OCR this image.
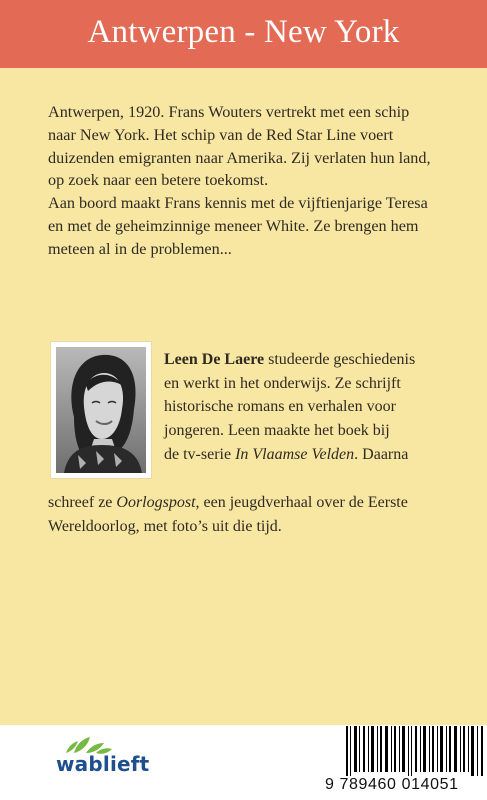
Antwerpen - New York

Antwerpen, 1920. Frans Wouters vertrekt met een schip

naar New York. Het schip van de Red Star Line voert

duizenden emigranten naar Amerika. Zij verlaten hun land,

op zoek naar een betere toekomst.

Aan boord maakt Frans kennis met de vijftienjarige Teresa

en met de geheimzinnige meneer White. Ze brengen hem

meteen al in de problemen...

Leen De Laere studeerde geschiedenis
en werkt in het onderwijs. Ze schrijft
historische romans en verhalen voor
jongeren. Leen maakte het boek bij
de tv-serie In Vlaamse Velden. Daarna
schreef ze Oorlogspost, een jeugdverhaal over de Eerste
Wereldoorlog, met foto’s uit die tijd.
wablieft
9 789460 014051
